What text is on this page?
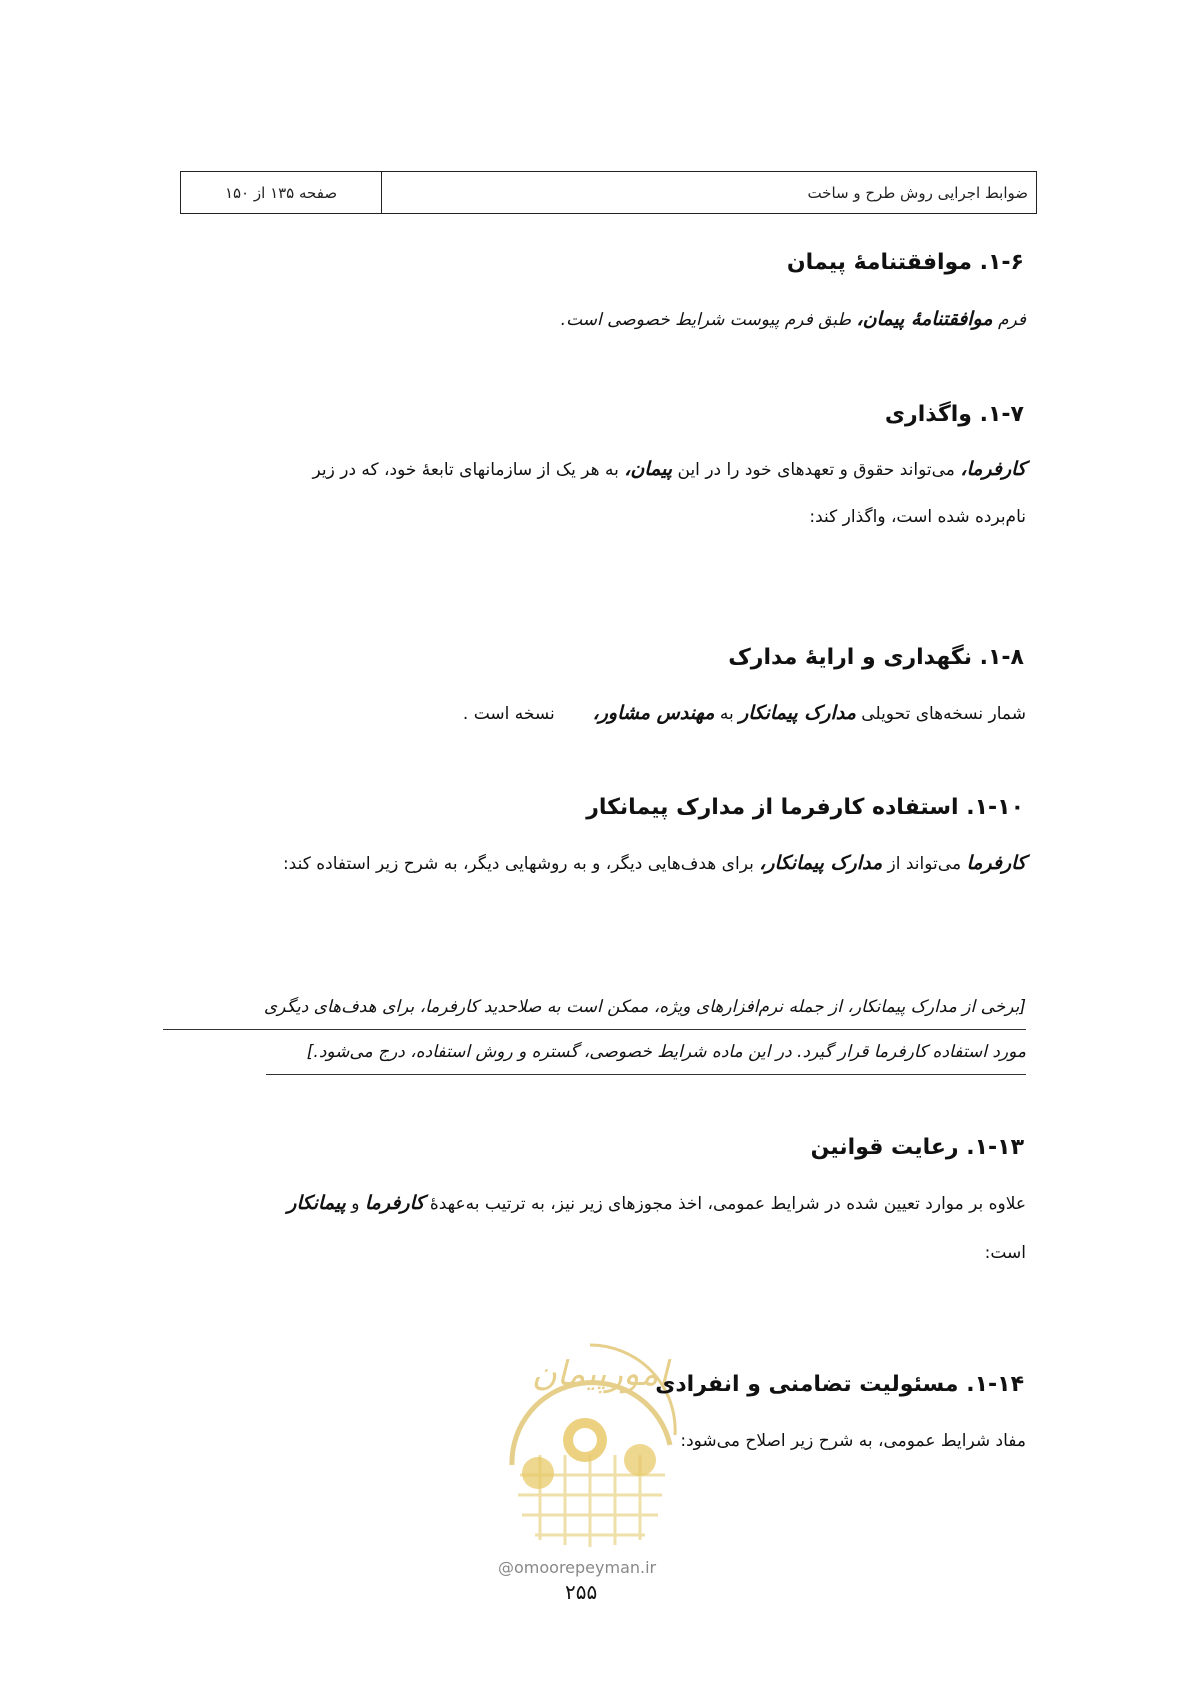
صفحه ۱۳۵ از ۱۵۰	ضوابط اجرایی روش طرح و ساخت
۱-۶. موافقتنامهٔ پیمان
فرم موافقتنامهٔ پیمان، طبق فرم پیوست شرایط خصوصی است.
۱-۷. واگذاری
کارفرما، می‌تواند حقوق و تعهدهای خود را در این پیمان، به هر یک از سازمانهای تابعهٔ خود، که در زیر
نام‌برده شده است، واگذار کند:
۱-۸. نگهداری و ارایهٔ مدارک
شمار نسخه‌های تحویلی مدارک پیمانکار به مهندس مشاور،       نسخه است .
۱-۱۰. استفاده کارفرما از مدارک پیمانکار
کارفرما می‌تواند از مدارک پیمانکار، برای هدف‌هایی دیگر، و به روشهایی دیگر، به شرح زیر استفاده کند:
[برخی از مدارک پیمانکار، از جمله نرم‌افزارهای ویژه، ممکن است به صلاحدید کارفرما، برای هدف‌های دیگری
مورد استفاده کارفرما قرار گیرد. در این ماده شرایط خصوصی، گستره و روش استفاده، درج می‌شود.]
۱-۱۳. رعایت قوانین
علاوه بر موارد تعیین شده در شرایط عمومی، اخذ مجوزهای زیر نیز، به ترتیب به‌عهدهٔ کارفرما و پیمانکار
است:
امورپیمان
۱-۱۴. مسئولیت تضامنی و انفرادی
مفاد شرایط عمومی، به شرح زیر اصلاح می‌شود:
@omoorepeyman.ir
۲۵۵
